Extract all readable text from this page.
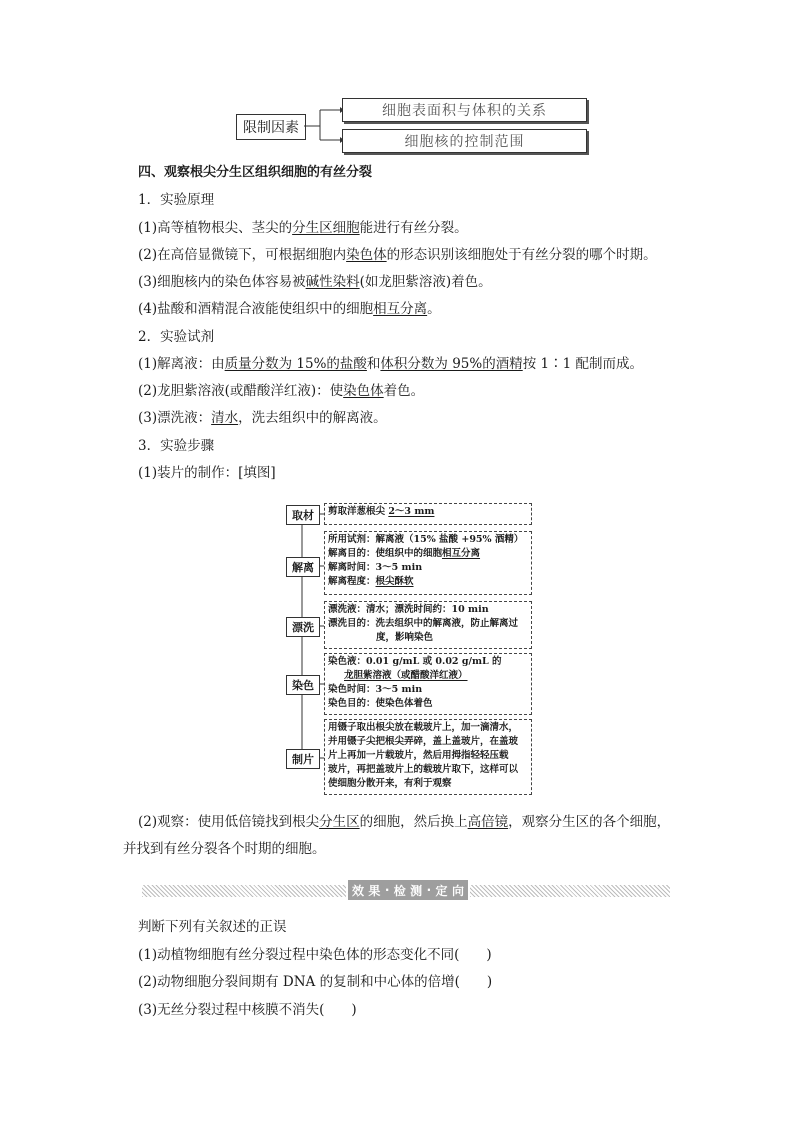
限制因素
细胞表面积与体积的关系
细胞核的控制范围
四、观察根尖分生区组织细胞的有丝分裂
1．实验原理
(1)高等植物根尖、茎尖的分生区细胞能进行有丝分裂。
(2)在高倍显微镜下，可根据细胞内染色体的形态识别该细胞处于有丝分裂的哪个时期。
(3)细胞核内的染色体容易被碱性染料(如龙胆紫溶液)着色。
(4)盐酸和酒精混合液能使组织中的细胞相互分离。
2．实验试剂
(1)解离液：由质量分数为 15%的盐酸和体积分数为 95%的酒精按 1∶1 配制而成。
(2)龙胆紫溶液(或醋酸洋红液)：使染色体着色。
(3)漂洗液：清水，洗去组织中的解离液。
3．实验步骤
(1)装片的制作：[填图]
取材
解离
漂洗
染色
制片
剪取洋葱根尖 2～3 mm
所用试剂：解离液（15% 盐酸 +95% 酒精）
解离目的：使组织中的细胞相互分离
解离时间：3～5 min
解离程度：根尖酥软
漂洗液：清水；漂洗时间约：10 min
漂洗目的：洗去组织中的解离液，防止解离过
度，影响染色
染色液：0.01 g/mL 或 0.02 g/mL 的
龙胆紫溶液（或醋酸洋红液）
染色时间：3～5 min
染色目的：使染色体着色
用镊子取出根尖放在载玻片上，加一滴清水，
并用镊子尖把根尖弄碎，盖上盖玻片，在盖玻
片上再加一片载玻片，然后用拇指轻轻压载
玻片，再把盖玻片上的载玻片取下，这样可以
使细胞分散开来，有利于观察
(2)观察：使用低倍镜找到根尖分生区的细胞，然后换上高倍镜，观察分生区的各个细胞，
并找到有丝分裂各个时期的细胞。
效 果 · 检 测 · 定 向
判断下列有关叙述的正误
(1)动植物细胞有丝分裂过程中染色体的形态变化不同(　　)
(2)动物细胞分裂间期有 DNA 的复制和中心体的倍增(　　)
(3)无丝分裂过程中核膜不消失(　　)
